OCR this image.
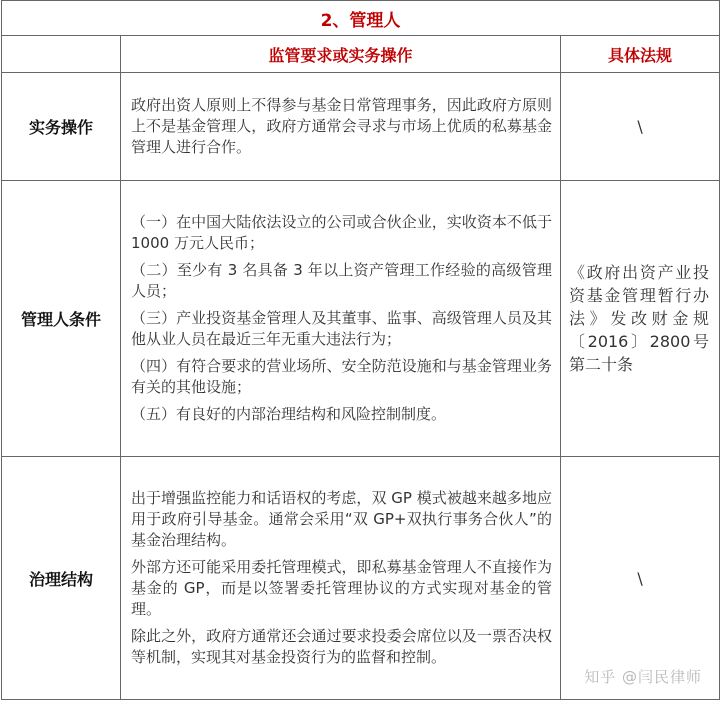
2、管理人		
	监管要求或实务操作	具体法规
实务操作	政府出资人原则上不得参与基金日常管理事务，因此政府方原则上不是基金管理人，政府方通常会寻求与市场上优质的私募基金管理人进行合作。	\
管理人条件	（一）在中国大陆依法设立的公司或合伙企业，实收资本不低于 1000 万元人民币；

（二）至少有 3 名具备 3 年以上资产管理工作经验的高级管理人员；

（三）产业投资基金管理人及其董事、监事、高级管理人员及其他从业人员在最近三年无重大违法行为；

（四）有符合要求的营业场所、安全防范设施和与基金管理业务有关的其他设施；

（五）有良好的内部治理结构和风险控制制度。	《政府出资产业投资基金管理暂行办法》发改财金规〔2016〕2800号第二十条
治理结构	出于增强监控能力和话语权的考虑，双 GP 模式被越来越多地应用于政府引导基金。通常会采用“双 GP+双执行事务合伙人”的基金治理结构。

外部方还可能采用委托管理模式，即私募基金管理人不直接作为基金的 GP，而是以签署委托管理协议的方式实现对基金的管理。

除此之外，政府方通常还会通过要求投委会席位以及一票否决权等机制，实现其对基金投资行为的监督和控制。	\
知乎 @闫民律师
